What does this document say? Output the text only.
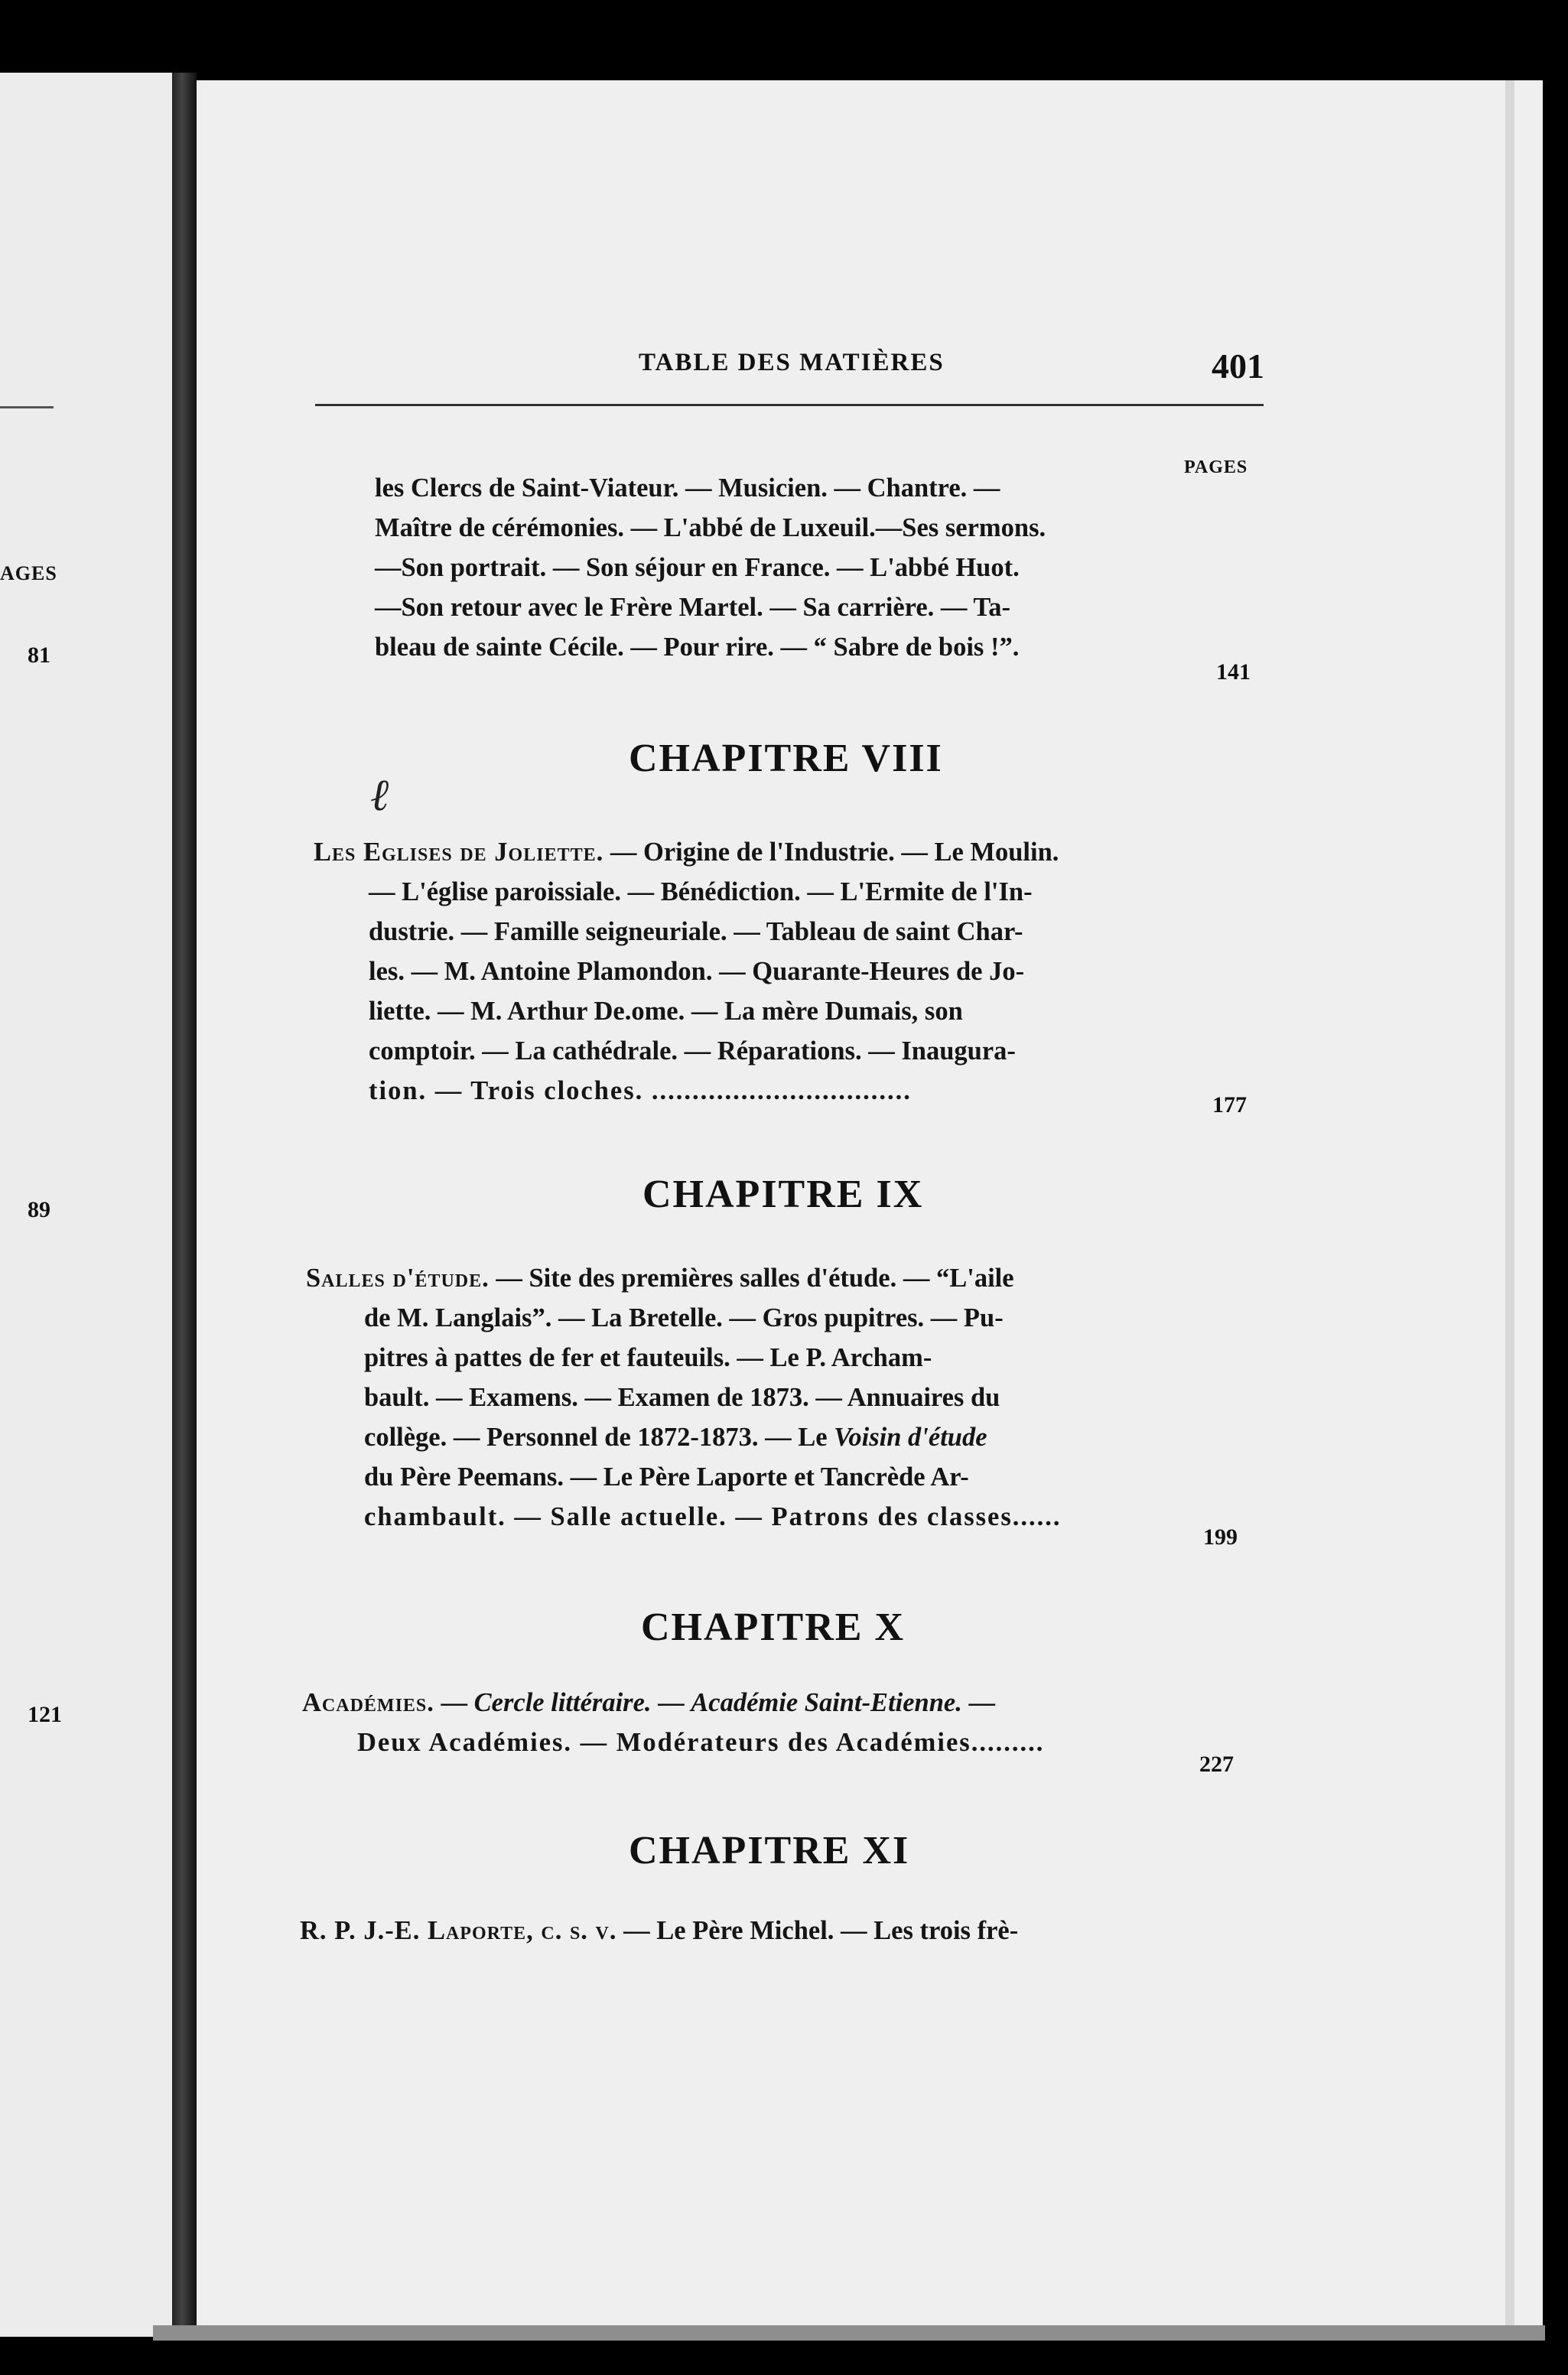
AGES
81
89
121
TABLE DES MATIÈRES	401
PAGES
les Clercs de Saint-Viateur. — Musicien. — Chantre. —
Maître de cérémonies. — L'abbé de Luxeuil.—Ses sermons.
—Son portrait. — Son séjour en France. — L'abbé Huot.
—Son retour avec le Frère Martel. — Sa carrière. — Ta-
bleau de sainte Cécile. — Pour rire. — “ Sabre de bois !”.
141
CHAPITRE VIII
ℓ
Les Eglises de Joliette. — Origine de l'Industrie. — Le Moulin.
— L'église paroissiale. — Bénédiction. — L'Ermite de l'In-
dustrie. — Famille seigneuriale. — Tableau de saint Char-
les. — M. Antoine Plamondon. — Quarante-Heures de Jo-
liette. — M. Arthur De.ome. — La mère Dumais, son
comptoir. — La cathédrale. — Réparations. — Inaugura-
tion. — Trois cloches. ................................	177
CHAPITRE IX
Salles d'étude. — Site des premières salles d'étude. — “L'aile
de M. Langlais”. — La Bretelle. — Gros pupitres. — Pu-
pitres à pattes de fer et fauteuils. — Le P. Archam-
bault. — Examens. — Examen de 1873. — Annuaires du
collège. — Personnel de 1872-1873. — Le Voisin d'étude
du Père Peemans. — Le Père Laporte et Tancrède Ar-
chambault. — Salle actuelle. — Patrons des classes......
199
CHAPITRE X
Académies. — Cercle littéraire. — Académie Saint-Etienne. —
Deux Académies. — Modérateurs des Académies.........
227
CHAPITRE XI
R. P. J.-E. Laporte, c. s. v. — Le Père Michel. — Les trois frè-
